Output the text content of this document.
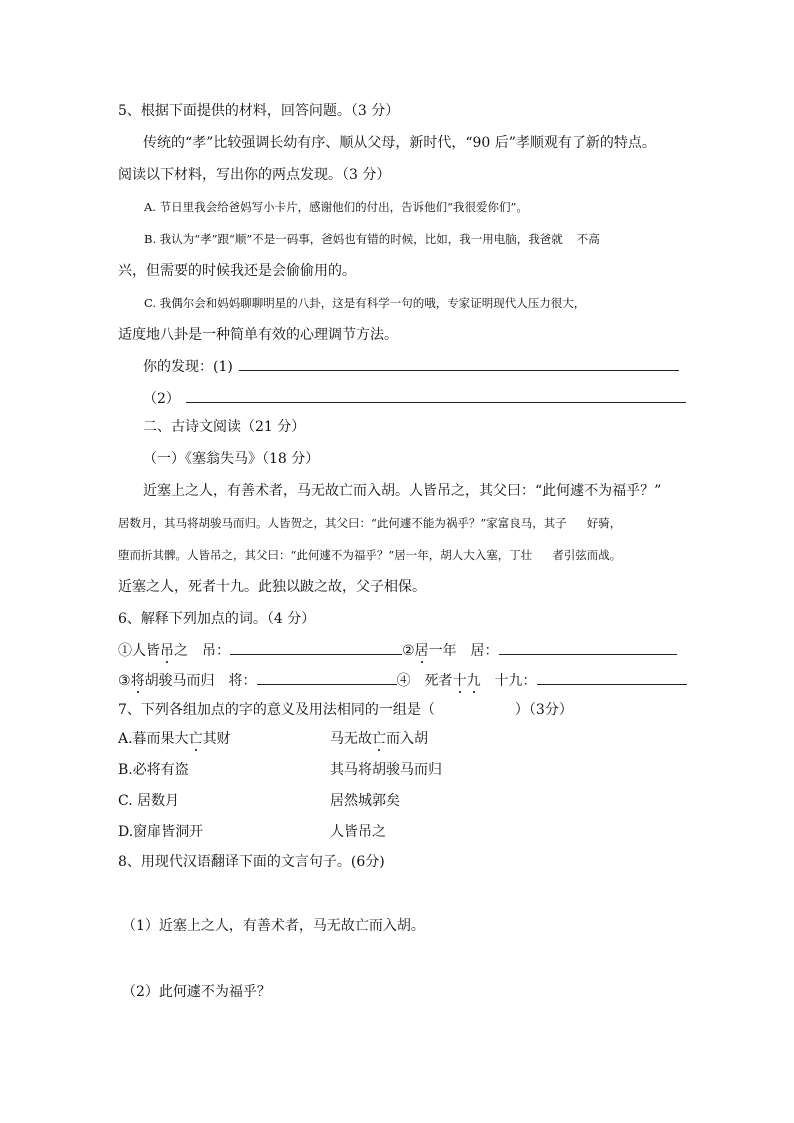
5、根据下面提供的材料，回答问题。（3 分）
传统的“孝”比较强调长幼有序、顺从父母，新时代，“90 后”孝顺观有了新的特点。
阅读以下材料，写出你的两点发现。（3 分）
A. 节日里我会给爸妈写小卡片，感谢他们的付出，告诉他们“我很爱你们”。
B. 我认为“孝”跟“顺”不是一码事，爸妈也有错的时候，比如，我一用电脑，我爸就 不高
兴，但需要的时候我还是会偷偷用的。
C. 我偶尔会和妈妈聊聊明星的八卦，这是有科学一句的哦，专家证明现代人压力很大，
适度地八卦是一种简单有效的心理调节方法。
你的发现：(1)
（2）
二、古诗文阅读（21 分）
（一）《塞翁失马》（18 分）
近塞上之人，有善术者，马无故亡而入胡。人皆吊之，其父曰：“此何遽不为福乎？”
居数月，其马将胡骏马而归。人皆贺之，其父曰：“此何遽不能为祸乎？”家富良马，其子 好骑，
堕而折其髀。人皆吊之，其父曰：“此何遽不为福乎？”居一年，胡人大入塞，丁壮 者引弦而战。
近塞之人，死者十九。此独以跛之故，父子相保。
6、解释下列加点的词。（4 分）
①人皆吊之　吊：	②居一年　居：
③将胡骏马而归　将：	④　死者十九　十九：
7、下列各组加点的字的意义及用法相同的一组是（	）（3分）
A.暮而果大亡其财	马无故亡而入胡
B.必将有盗	其马将胡骏马而归
C. 居数月	居然城郭矣
D.窗扉皆洞开	人皆吊之
8、用现代汉语翻译下面的文言句子。(6分)
（1）近塞上之人，有善术者，马无故亡而入胡。
（2）此何遽不为福乎？
